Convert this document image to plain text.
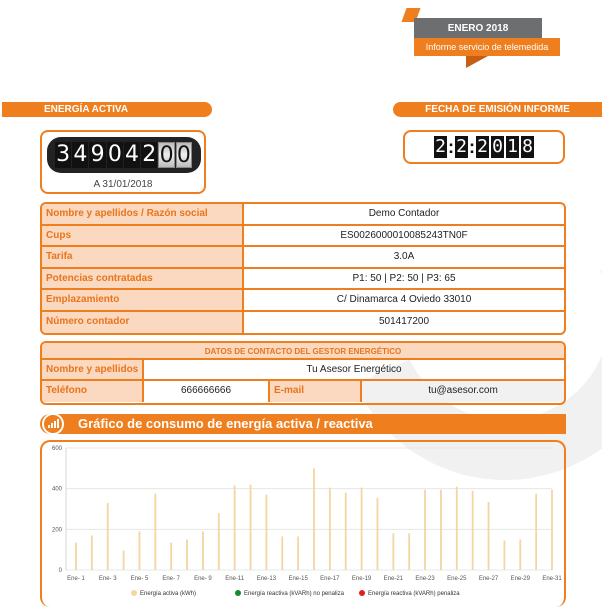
ENERO 2018
Informe servicio de telemedida
ENERGÍA ACTIVA	FECHA DE EMISIÓN INFORME
3 4 9 0 4 2 0 0
A 31/01/2018
2 : 2 : 2 0 1 8
Nombre y apellidos / Razón social	Demo Contador
Cups	ES0026000010085243TN0F
Tarifa	3.0A
Potencias contratadas	P1: 50 | P2: 50 | P3: 65
Emplazamiento	C/ Dinamarca 4 Oviedo 33010
Número contador	501417200
DATOS DE CONTACTO DEL GESTOR ENERGÉTICO
Nombre y apellidos	Tu Asesor Energético
Teléfono	666666666	E-mail	tu@asesor.com
Gráfico de consumo de energía activa / reactiva
0
200
400
600
Ene- 1 Ene- 3 Ene- 5 Ene- 7 Ene- 9 Ene-11 Ene-13 Ene-15 Ene-17 Ene-19 Ene-21 Ene-23 Ene-25 Ene-27 Ene-29 Ene-31
Energía activa (kWh)	Energía reactiva (kVARh) no penaliza	Energía reactiva (kVARh) penaliza
